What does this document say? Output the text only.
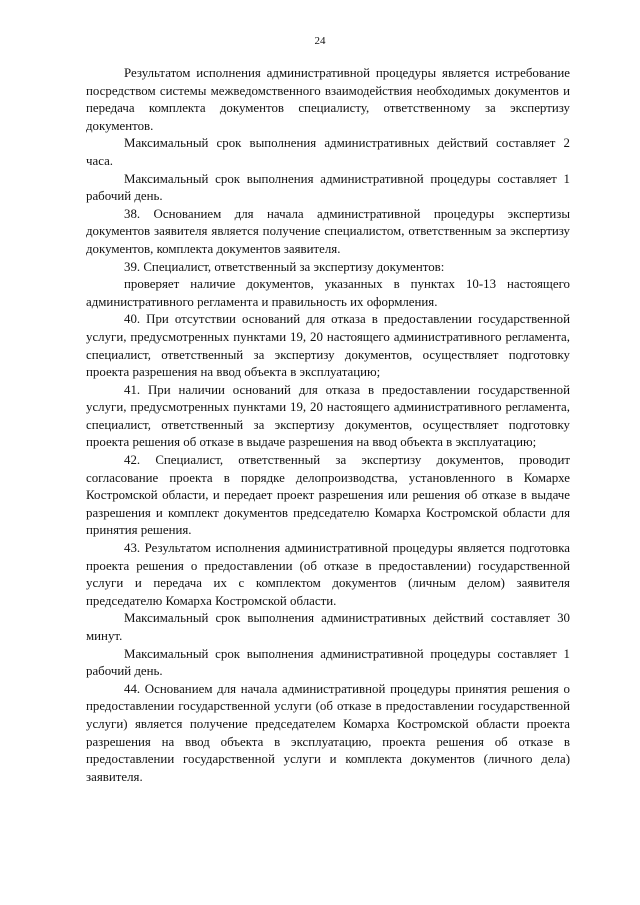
24

Результатом исполнения административной процедуры является истребование посредством системы межведомственного взаимодействия необходимых документов и передача комплекта документов специалисту, ответственному за экспертизу документов.

Максимальный срок выполнения административных действий составляет 2 часа.

Максимальный срок выполнения административной процедуры составляет 1 рабочий день.

38. Основанием для начала административной процедуры экспертизы документов заявителя является получение специалистом, ответственным за экспертизу документов, комплекта документов заявителя.

39. Специалист, ответственный за экспертизу документов:

проверяет наличие документов, указанных в пунктах 10-13 настоящего административного регламента и правильность их оформления.

40. При отсутствии оснований для отказа в предоставлении государственной услуги, предусмотренных пунктами 19, 20 настоящего административного регламента, специалист, ответственный за экспертизу документов, осуществляет подготовку проекта разрешения на ввод объекта в эксплуатацию;

41. При наличии оснований для отказа в предоставлении государственной услуги, предусмотренных пунктами 19, 20 настоящего административного регламента, специалист, ответственный за экспертизу документов, осуществляет подготовку проекта решения об отказе в выдаче разрешения на ввод объекта в эксплуатацию;

42. Специалист, ответственный за экспертизу документов, проводит согласование проекта в порядке делопроизводства, установленного в Комархе Костромской области, и передает проект разрешения или решения об отказе в выдаче разрешения и комплект документов председателю Комарха Костромской области для принятия решения.

43. Результатом исполнения административной процедуры является подготовка проекта решения о предоставлении (об отказе в предоставлении) государственной услуги и передача их с комплектом документов (личным делом) заявителя председателю Комарха Костромской области.

Максимальный срок выполнения административных действий составляет 30 минут.

Максимальный срок выполнения административной процедуры составляет 1 рабочий день.

44. Основанием для начала административной процедуры принятия решения о предоставлении государственной услуги (об отказе в предоставлении государственной услуги) является получение председателем Комарха Костромской области проекта разрешения на ввод объекта в эксплуатацию, проекта решения об отказе в предоставлении государственной услуги и комплекта документов (личного дела) заявителя.
